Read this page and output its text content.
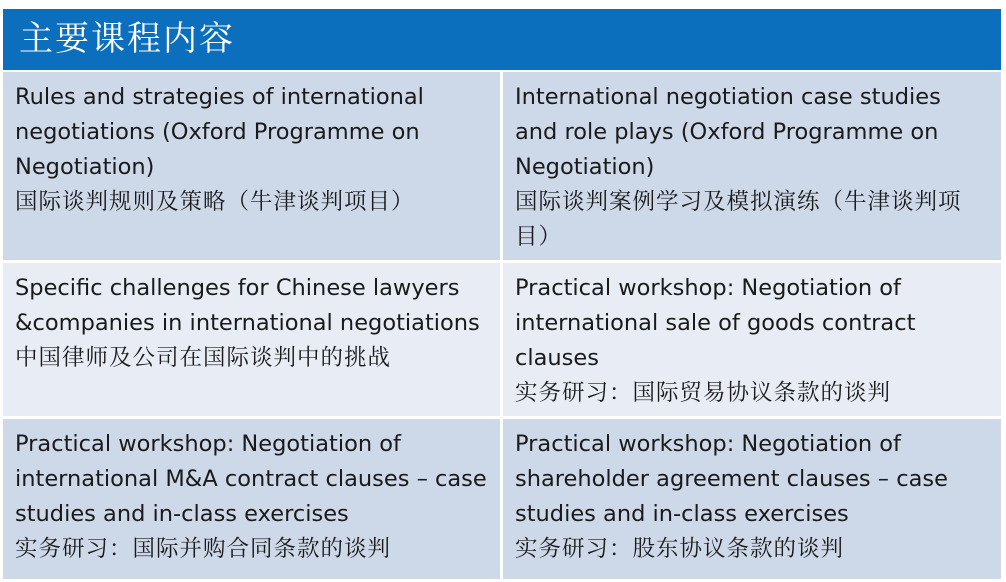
主要课程内容
Rules and strategies of international negotiations (Oxford Programme on Negotiation)
国际谈判规则及策略（牛津谈判项目）
International negotiation case studies and role plays (Oxford Programme on Negotiation)
国际谈判案例学习及模拟演练（牛津谈判项目）
Specific challenges for Chinese lawyers &companies in international negotiations
中国律师及公司在国际谈判中的挑战
Practical workshop: Negotiation of international sale of goods contract clauses
实务研习：国际贸易协议条款的谈判
Practical workshop: Negotiation of international M&A contract clauses – case studies and in-class exercises
实务研习：国际并购合同条款的谈判
Practical workshop: Negotiation of shareholder agreement clauses – case studies and in-class exercises
实务研习：股东协议条款的谈判
